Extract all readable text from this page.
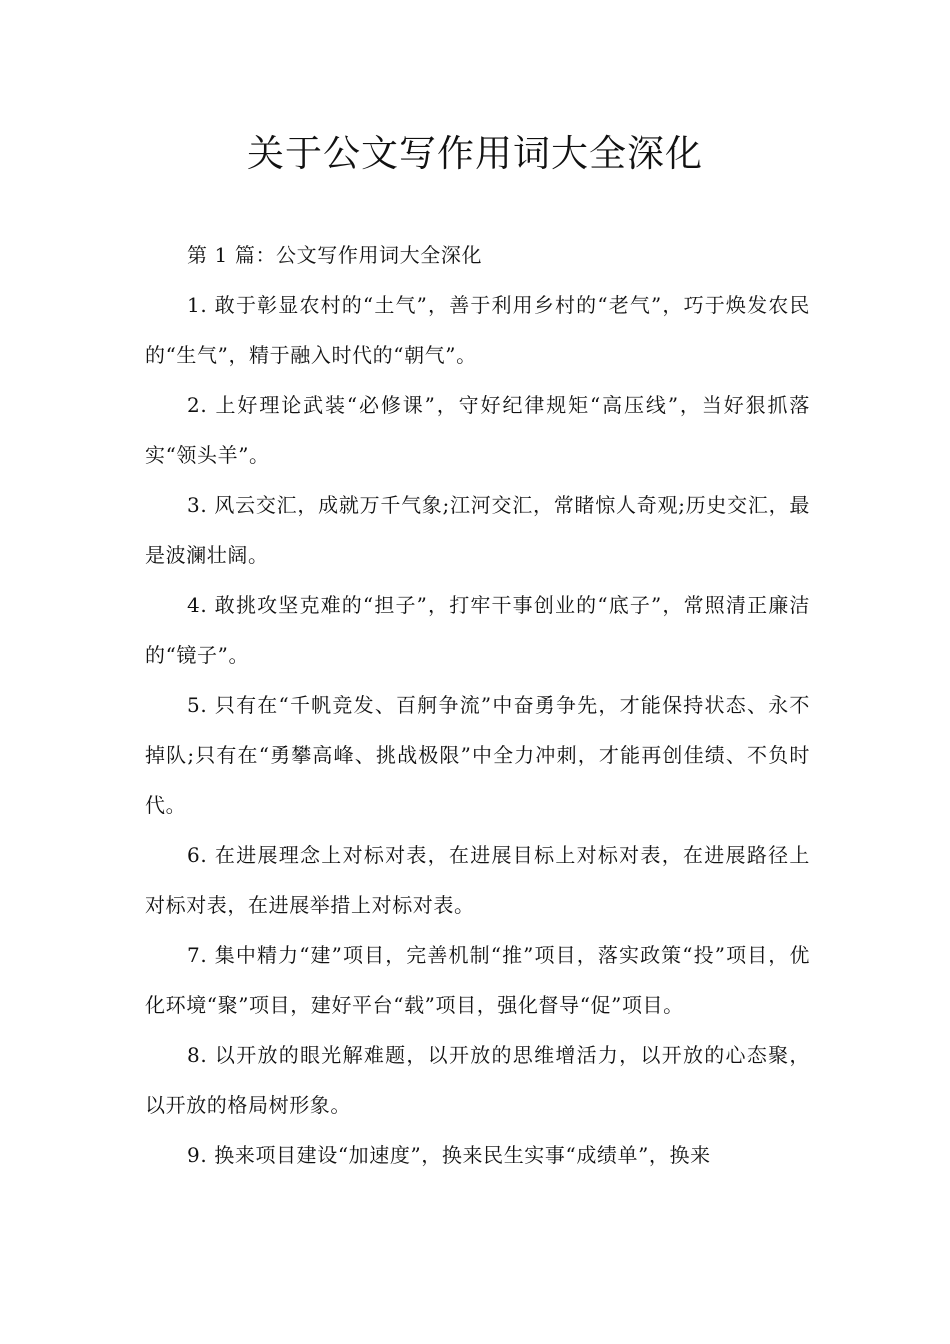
关于公文写作用词大全深化

第 1 篇：公文写作用词大全深化

1. 敢于彰显农村的“土气”，善于利用乡村的“老气”，巧于焕发农民的“生气”，精于融入时代的“朝气”。

2. 上好理论武装“必修课”，守好纪律规矩“高压线”，当好狠抓落实“领头羊”。

3. 风云交汇，成就万千气象;江河交汇，常睹惊人奇观;历史交汇，最是波澜壮阔。

4. 敢挑攻坚克难的“担子”，打牢干事创业的“底子”，常照清正廉洁的“镜子”。

5. 只有在“千帆竞发、百舸争流”中奋勇争先，才能保持状态、永不掉队;只有在“勇攀高峰、挑战极限”中全力冲刺，才能再创佳绩、不负时代。

6. 在进展理念上对标对表，在进展目标上对标对表，在进展路径上对标对表，在进展举措上对标对表。

7. 集中精力“建”项目，完善机制“推”项目，落实政策“投”项目，优化环境“聚”项目，建好平台“载”项目，强化督导“促”项目。

8. 以开放的眼光解难题，以开放的思维增活力，以开放的心态聚，以开放的格局树形象。

9. 换来项目建设“加速度”，换来民生实事“成绩单”，换来
